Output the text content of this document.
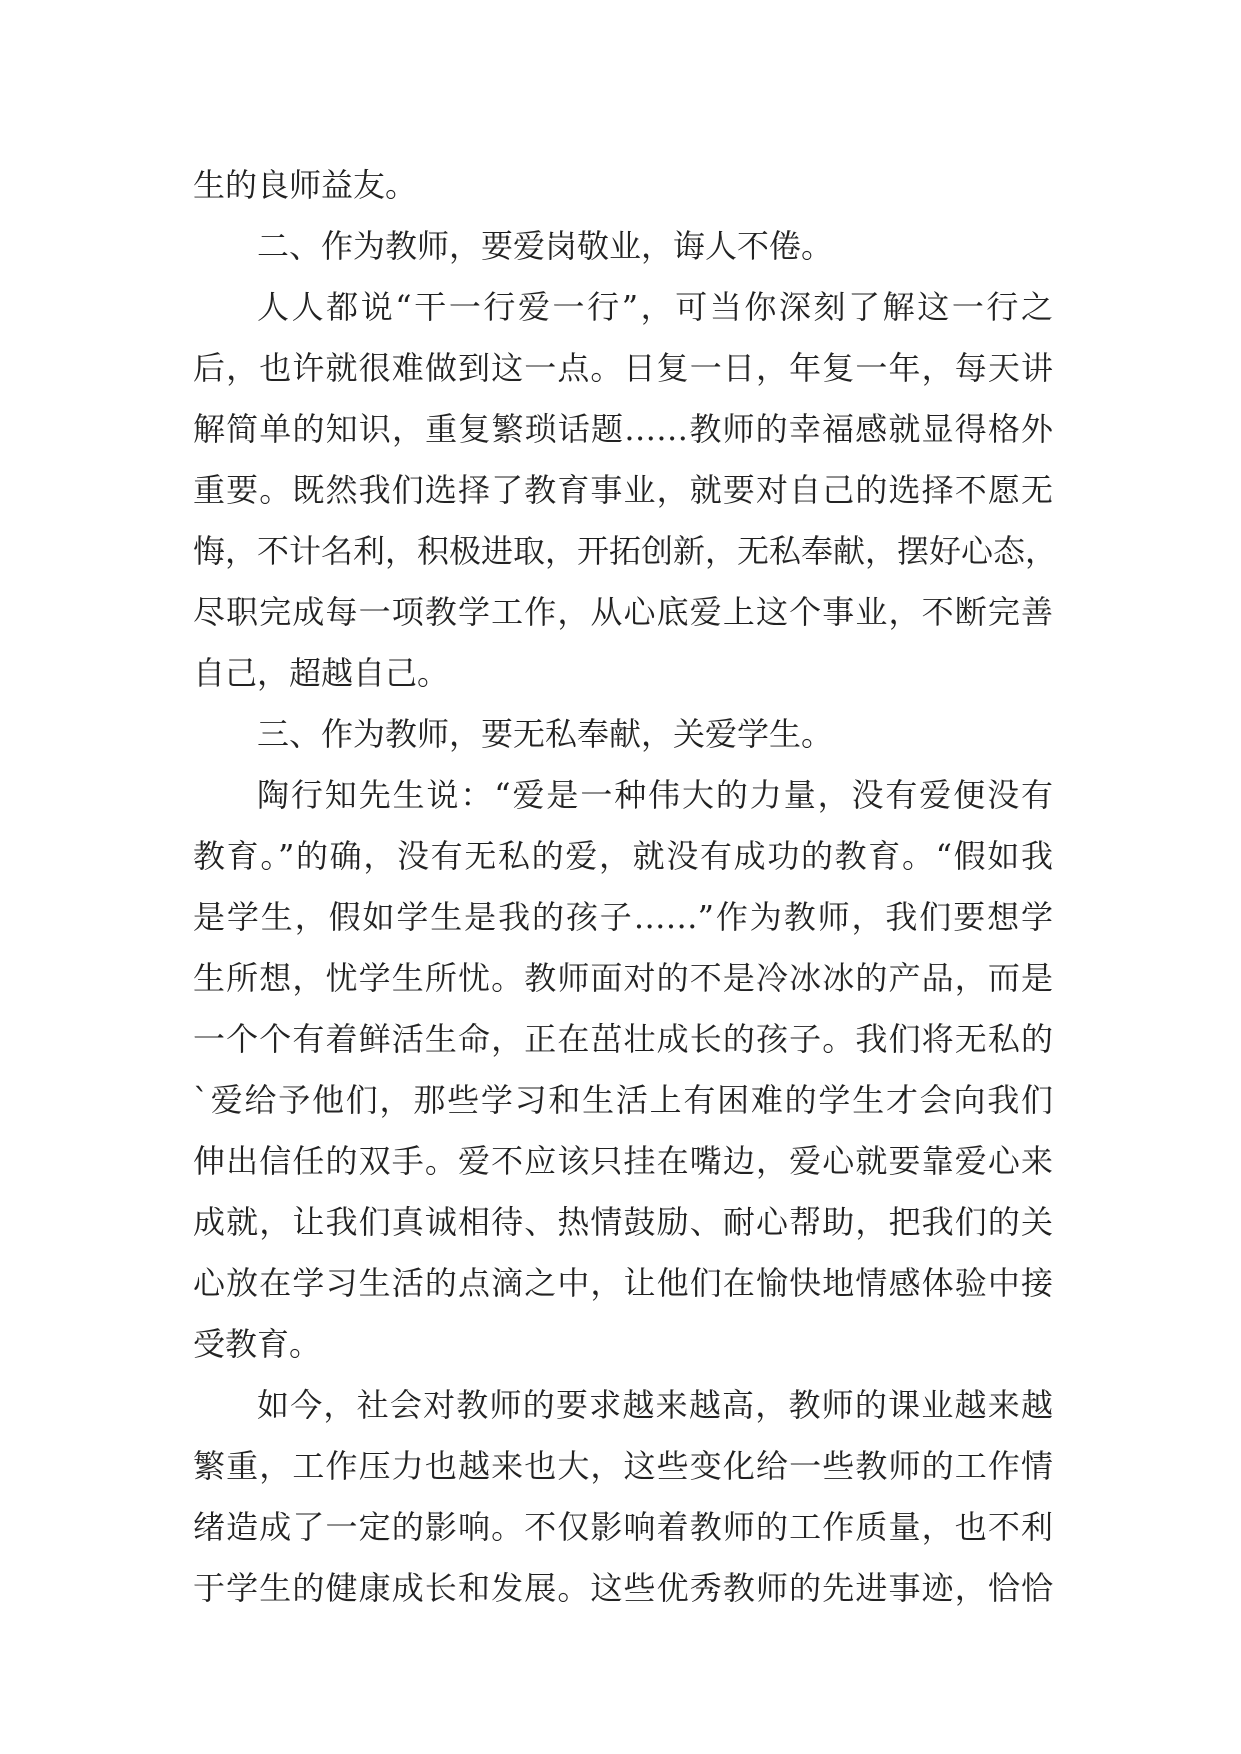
生的良师益友。
二、作为教师，要爱岗敬业，诲人不倦。
人人都说“干一行爱一行”，可当你深刻了解这一行之
后，也许就很难做到这一点。日复一日，年复一年，每天讲
解简单的知识，重复繁琐话题……教师的幸福感就显得格外
重要。既然我们选择了教育事业，就要对自己的选择不愿无
悔，不计名利，积极进取，开拓创新，无私奉献，摆好心态，
尽职完成每一项教学工作，从心底爱上这个事业，不断完善
自己，超越自己。
三、作为教师，要无私奉献，关爱学生。
陶行知先生说：“爱是一种伟大的力量，没有爱便没有
教育。”的确，没有无私的爱，就没有成功的教育。“假如我
是学生，假如学生是我的孩子……”作为教师，我们要想学
生所想，忧学生所忧。教师面对的不是冷冰冰的产品，而是
一个个有着鲜活生命，正在茁壮成长的孩子。我们将无私的
`爱给予他们，那些学习和生活上有困难的学生才会向我们
伸出信任的双手。爱不应该只挂在嘴边，爱心就要靠爱心来
成就，让我们真诚相待、热情鼓励、耐心帮助，把我们的关
心放在学习生活的点滴之中，让他们在愉快地情感体验中接
受教育。
如今，社会对教师的要求越来越高，教师的课业越来越
繁重，工作压力也越来也大，这些变化给一些教师的工作情
绪造成了一定的影响。不仅影响着教师的工作质量，也不利
于学生的健康成长和发展。这些优秀教师的先进事迹，恰恰
